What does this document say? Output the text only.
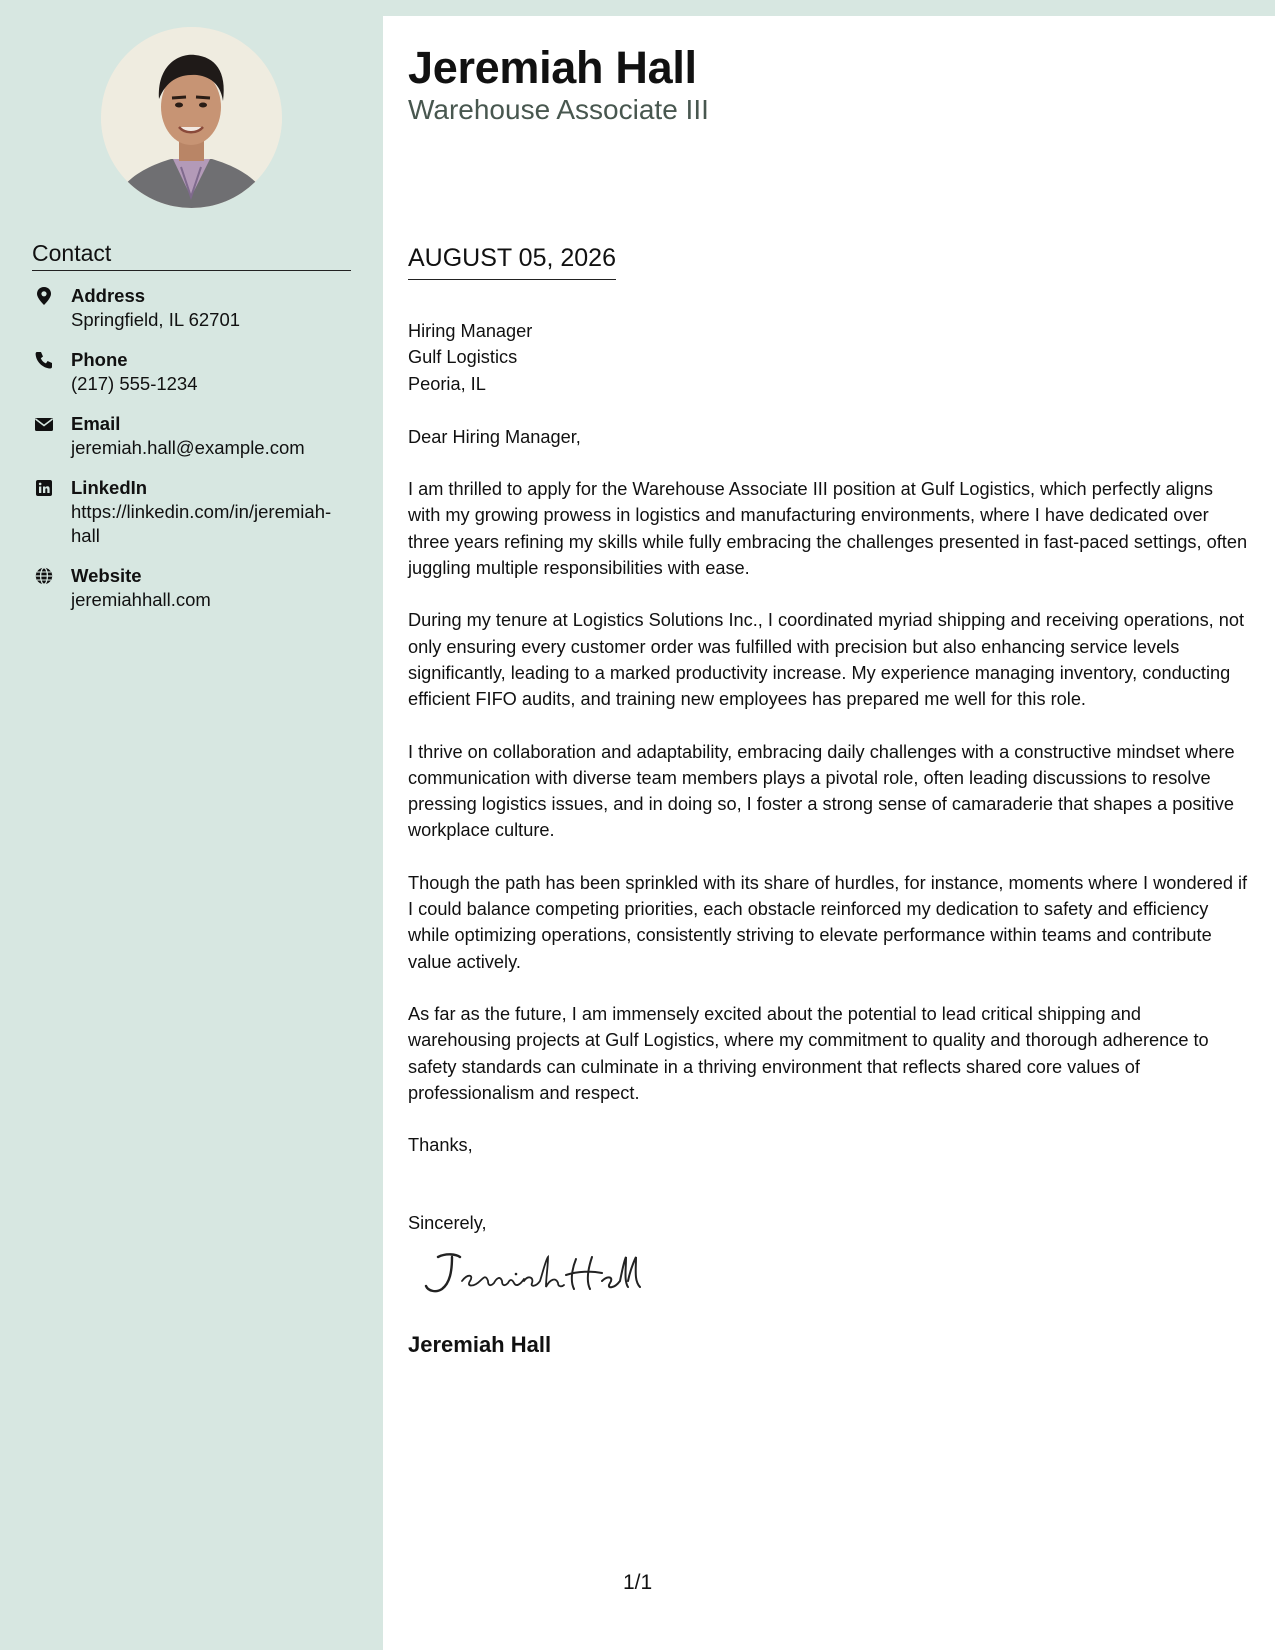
Contact
Address
Springfield, IL 62701
Phone
(217) 555-1234
Email
jeremiah.hall@example.com
LinkedIn
https://linkedin.com/in/jeremiah-hall
Website
jeremiahhall.com
Jeremiah Hall
Warehouse Associate III
AUGUST 05, 2026
Hiring Manager
Gulf Logistics
Peoria, IL

Dear Hiring Manager,

I am thrilled to apply for the Warehouse Associate III position at Gulf Logistics, which perfectly aligns with my growing prowess in logistics and manufacturing environments, where I have dedicated over three years refining my skills while fully embracing the challenges presented in fast-paced settings, often juggling multiple responsibilities with ease.

During my tenure at Logistics Solutions Inc., I coordinated myriad shipping and receiving operations, not only ensuring every customer order was fulfilled with precision but also enhancing service levels significantly, leading to a marked productivity increase. My experience managing inventory, conducting efficient FIFO audits, and training new employees has prepared me well for this role.

I thrive on collaboration and adaptability, embracing daily challenges with a constructive mindset where communication with diverse team members plays a pivotal role, often leading discussions to resolve pressing logistics issues, and in doing so, I foster a strong sense of camaraderie that shapes a positive workplace culture.

Though the path has been sprinkled with its share of hurdles, for instance, moments where I wondered if I could balance competing priorities, each obstacle reinforced my dedication to safety and efficiency while optimizing operations, consistently striving to elevate performance within teams and contribute value actively.

As far as the future, I am immensely excited about the potential to lead critical shipping and warehousing projects at Gulf Logistics, where my commitment to quality and thorough adherence to safety standards can culminate in a thriving environment that reflects shared core values of professionalism and respect.

Thanks,

Sincerely,

Jeremiah Hall
1/1
